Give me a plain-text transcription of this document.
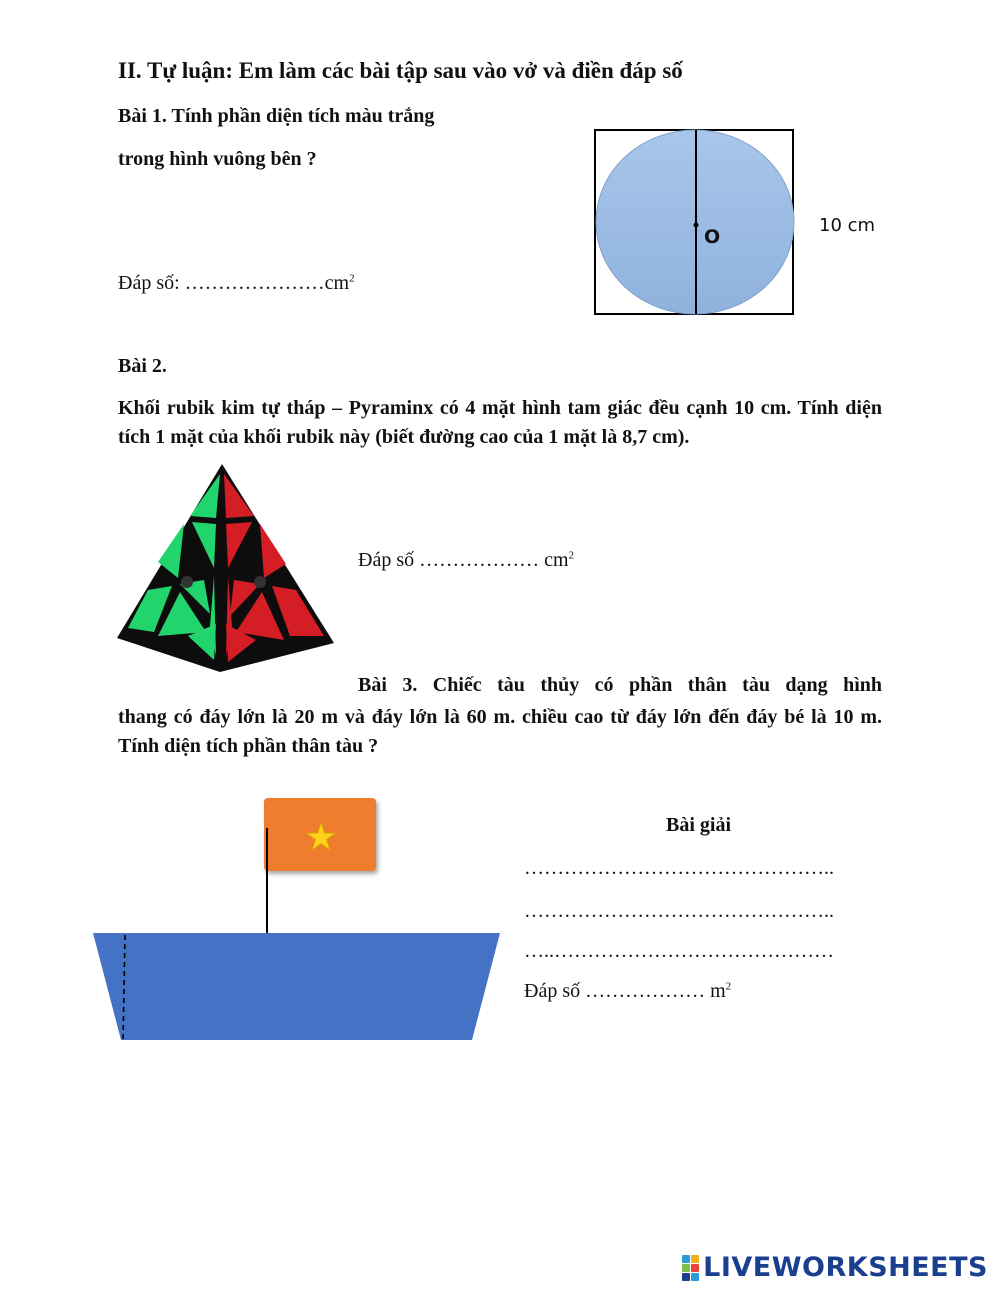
II. Tự luận: Em làm các bài tập sau vào vở và điền đáp số
Bài 1. Tính phần diện tích màu trắng
trong hình vuông bên ?
Đáp số: $\dots\dots\dots\dots\dots\dots\dots cm^2$
O
10 cm
Bài 2.
Khối rubik kim tự tháp – Pyraminx có 4 mặt hình tam giác đều cạnh 10 cm. Tính diện tích 1 mặt của khối rubik này (biết đường cao của 1 mặt là 8,7 cm).
Đáp số ……………… $cm^2$
Bài 3. Chiếc tàu thủy có phần thân tàu dạng hình
thang có đáy lớn là 20 m và đáy lớn là 60 m. chiều cao từ đáy lớn đến đáy bé là 10 m. Tính diện tích phần thân tàu ?
★	Bài giải
………………………………………..
………………………………………..
…..……………………………………
Đáp số ……………… $m^2$
LIVEWORKSHEETS
